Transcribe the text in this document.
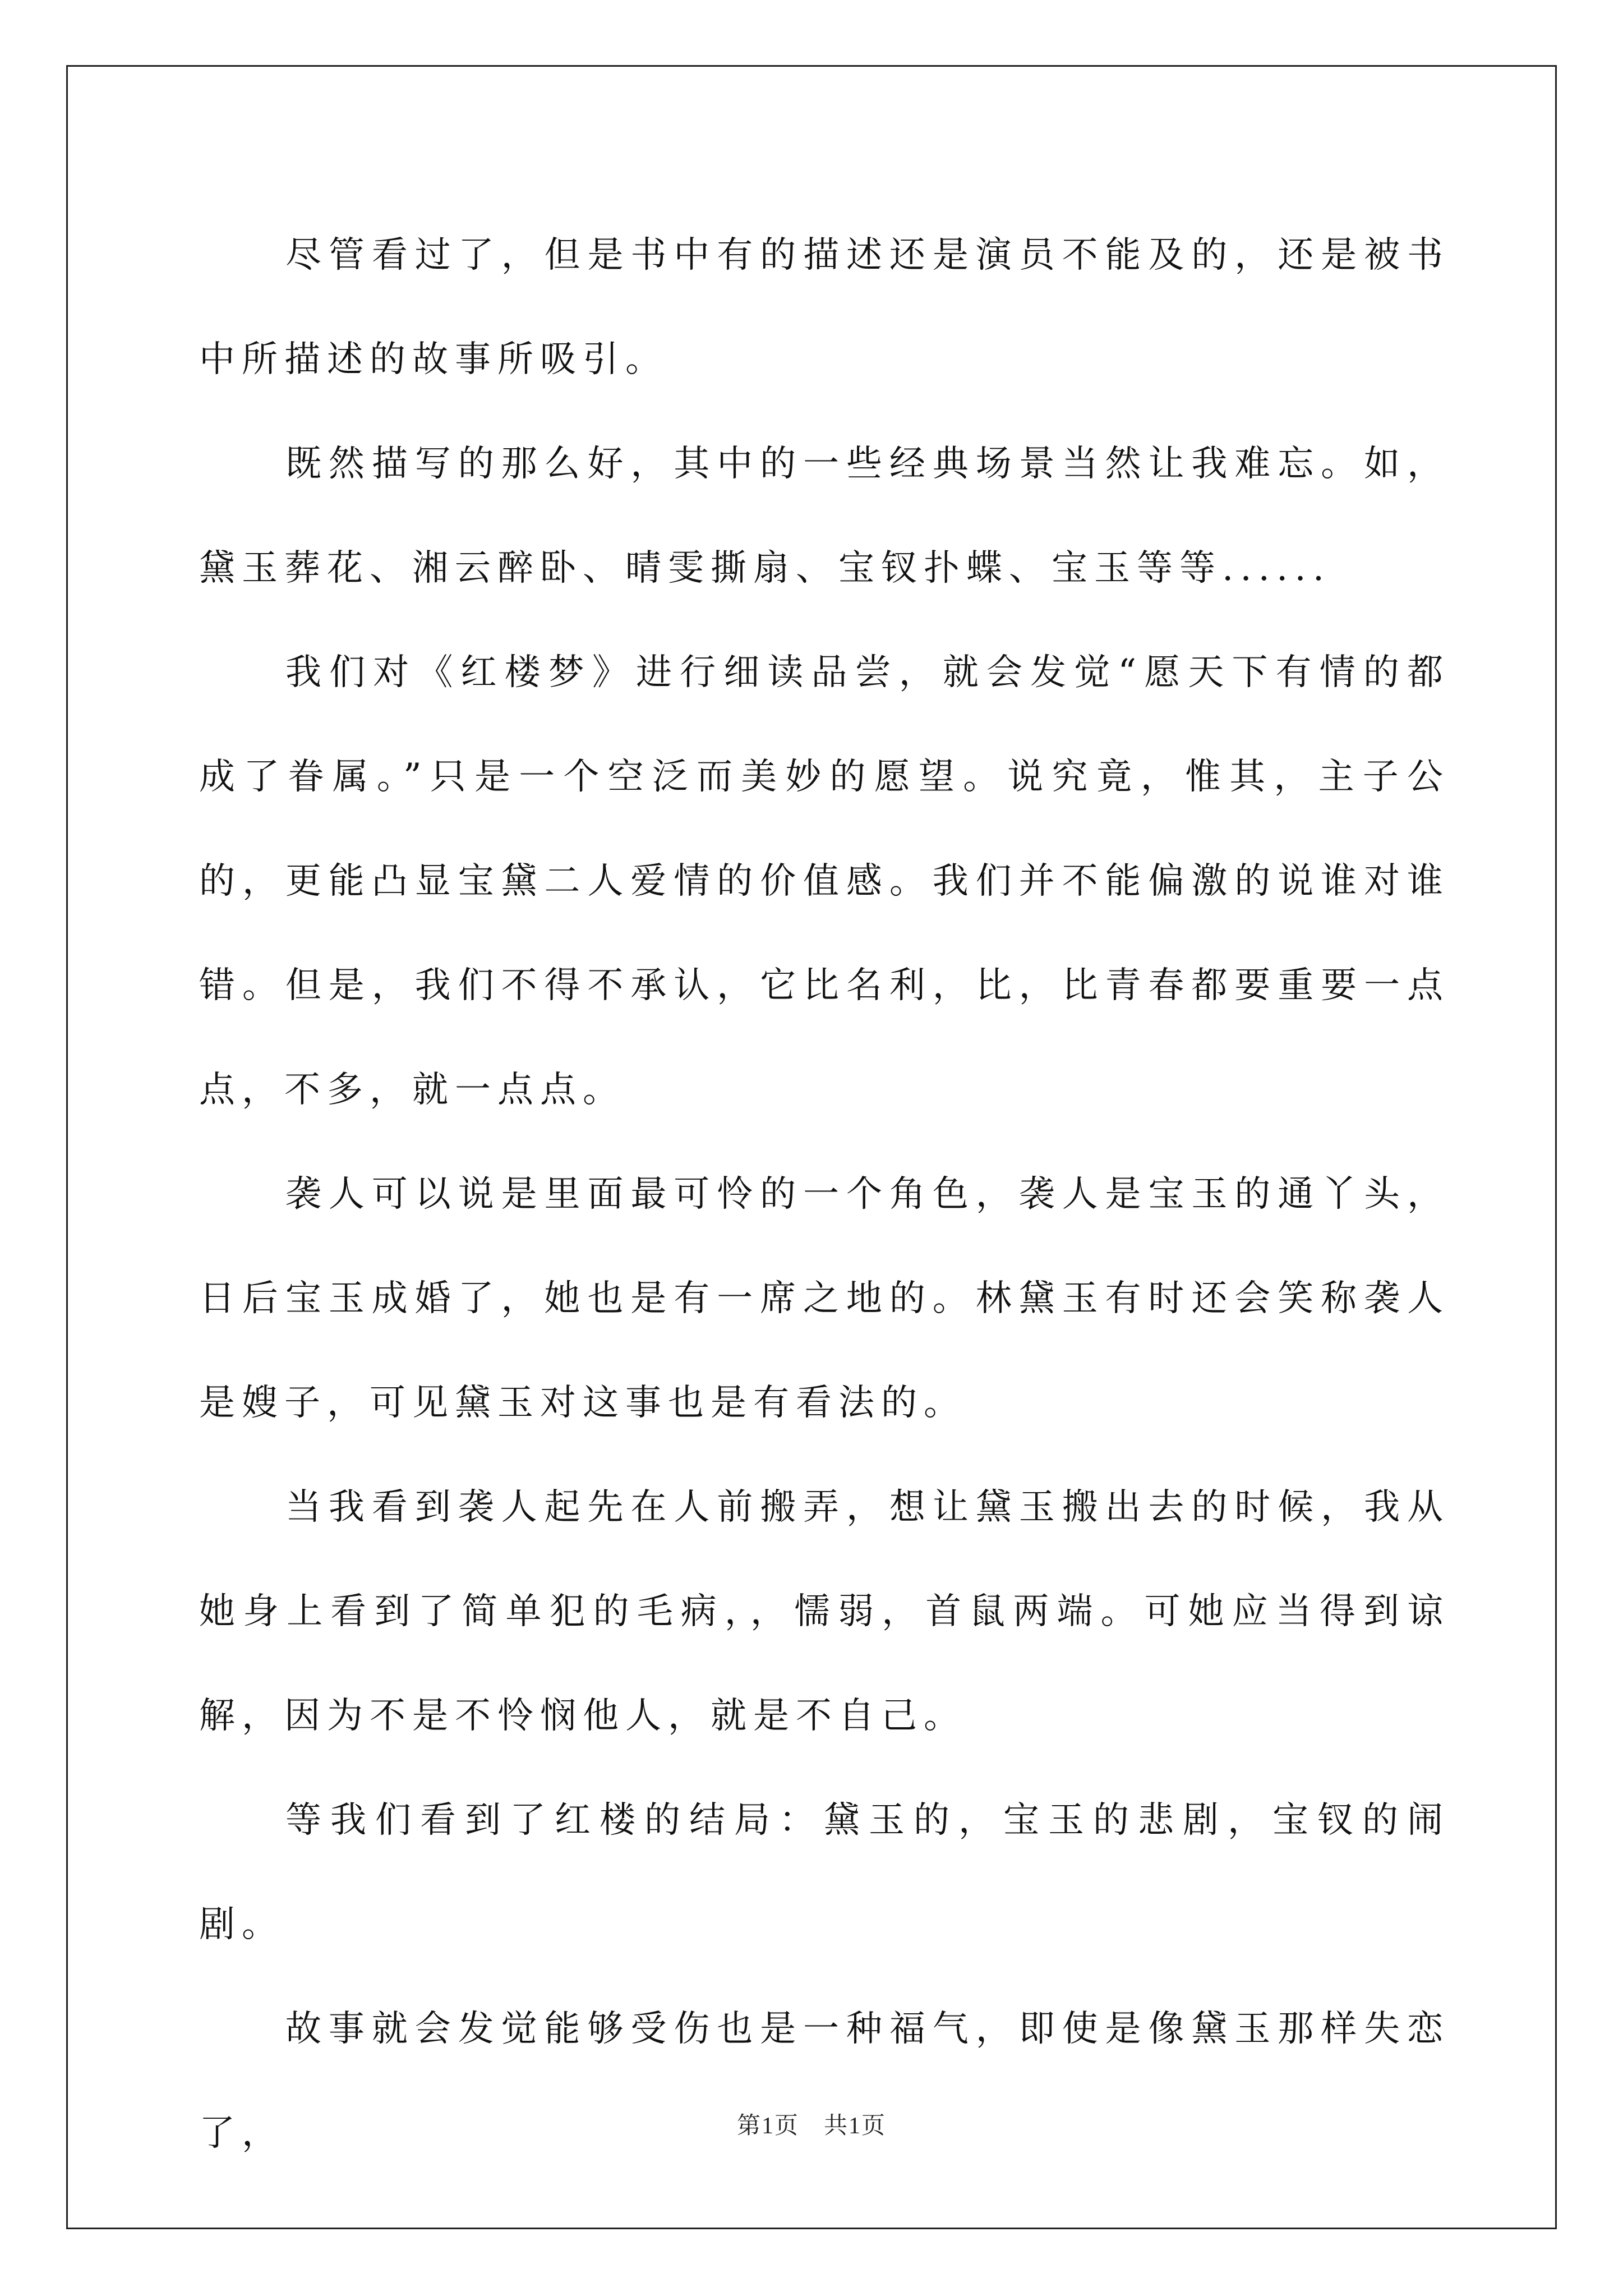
尽管看过了，但是书中有的描述还是演员不能及的，还是被书中所描述的故事所吸引。

既然描写的那么好，其中的一些经典场景当然让我难忘。如，黛玉葬花、湘云醉卧、晴雯撕扇、宝钗扑蝶、宝玉等等......

我们对《红楼梦》进行细读品尝，就会发觉“愿天下有情的都成了眷属。”只是一个空泛而美妙的愿望。说究竟，惟其，主子公的，更能凸显宝黛二人爱情的价值感。我们并不能偏激的说谁对谁错。但是，我们不得不承认，它比名利，比，比青春都要重要一点点，不多，就一点点。

袭人可以说是里面最可怜的一个角色，袭人是宝玉的通丫头，日后宝玉成婚了，她也是有一席之地的。林黛玉有时还会笑称袭人是嫂子，可见黛玉对这事也是有看法的。

当我看到袭人起先在人前搬弄，想让黛玉搬出去的时候，我从她身上看到了简单犯的毛病，，懦弱，首鼠两端。可她应当得到谅解，因为不是不怜悯他人，就是不自己。

等我们看到了红楼的结局：黛玉的，宝玉的悲剧，宝钗的闹剧。

故事就会发觉能够受伤也是一种福气，即使是像黛玉那样失恋了，	第1页 共1页
